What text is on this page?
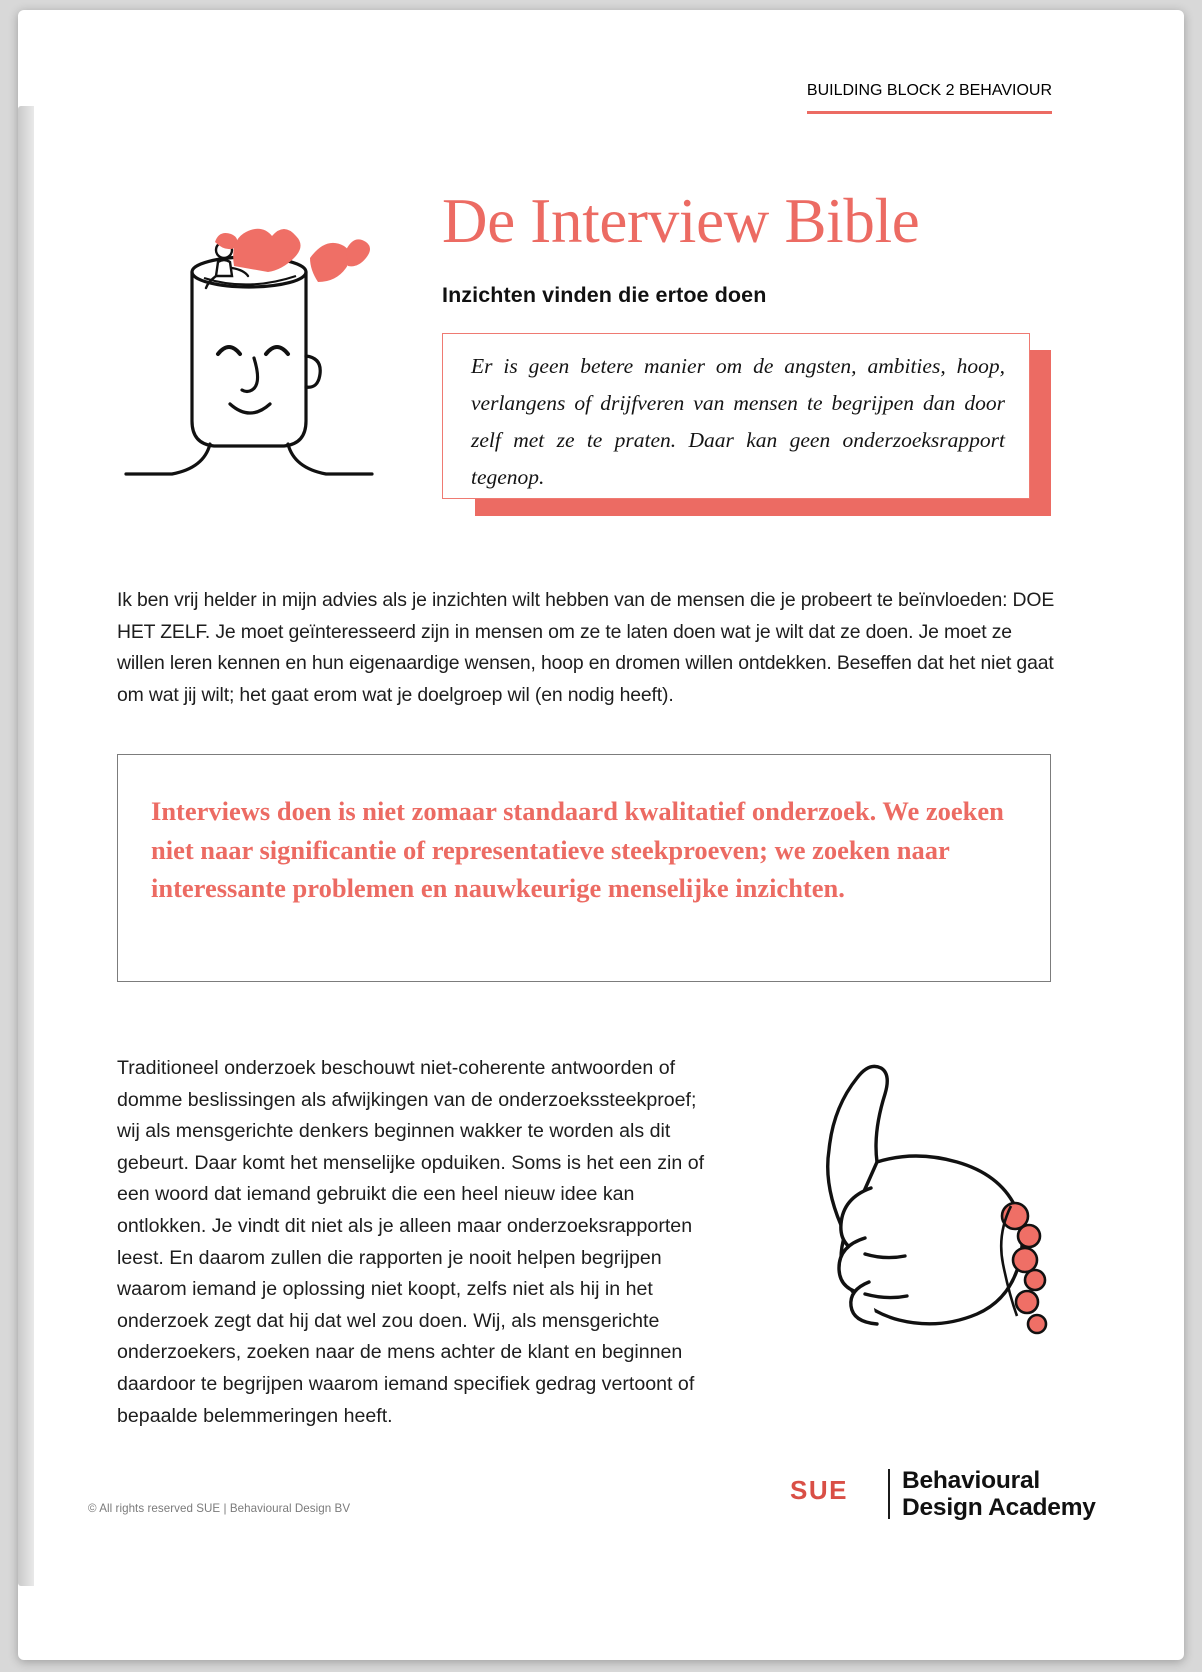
BUILDING BLOCK 2 BEHAVIOUR
De Interview Bible
Inzichten vinden die ertoe doen
Er is geen betere manier om de angsten, ambities, hoop, verlangens of drijfveren van mensen te begrijpen dan door zelf met ze te praten. Daar kan geen onderzoeksrapport tegenop.
Ik ben vrij helder in mijn advies als je inzichten wilt hebben van de mensen die je probeert te beïnvloeden: DOE HET ZELF. Je moet geïnteresseerd zijn in mensen om ze te laten doen wat je wilt dat ze doen. Je moet ze willen leren kennen en hun eigenaardige wensen, hoop en dromen willen ontdekken. Beseffen dat het niet gaat om wat jij wilt; het gaat erom wat je doelgroep wil (en nodig heeft).
Interviews doen is niet zomaar standaard kwalitatief onderzoek. We zoeken niet naar significantie of representatieve steekproeven; we zoeken naar interessante problemen en nauwkeurige menselijke inzichten.
Traditioneel onderzoek beschouwt niet-coherente antwoorden of domme beslissingen als afwijkingen van de onderzoekssteekproef; wij als mensgerichte denkers beginnen wakker te worden als dit gebeurt. Daar komt het menselijke opduiken. Soms is het een zin of een woord dat iemand gebruikt die een heel nieuw idee kan ontlokken. Je vindt dit niet als je alleen maar onderzoeksrapporten leest. En daarom zullen die rapporten je nooit helpen begrijpen waarom iemand je oplossing niet koopt, zelfs niet als hij in het onderzoek zegt dat hij dat wel zou doen. Wij, als mensgerichte onderzoekers, zoeken naar de mens achter de klant en beginnen daardoor te begrijpen waarom iemand specifiek gedrag vertoont of bepaalde belemmeringen heeft.
© All rights reserved SUE | Behavioural Design BV
SUE Behavioural
Design Academy
